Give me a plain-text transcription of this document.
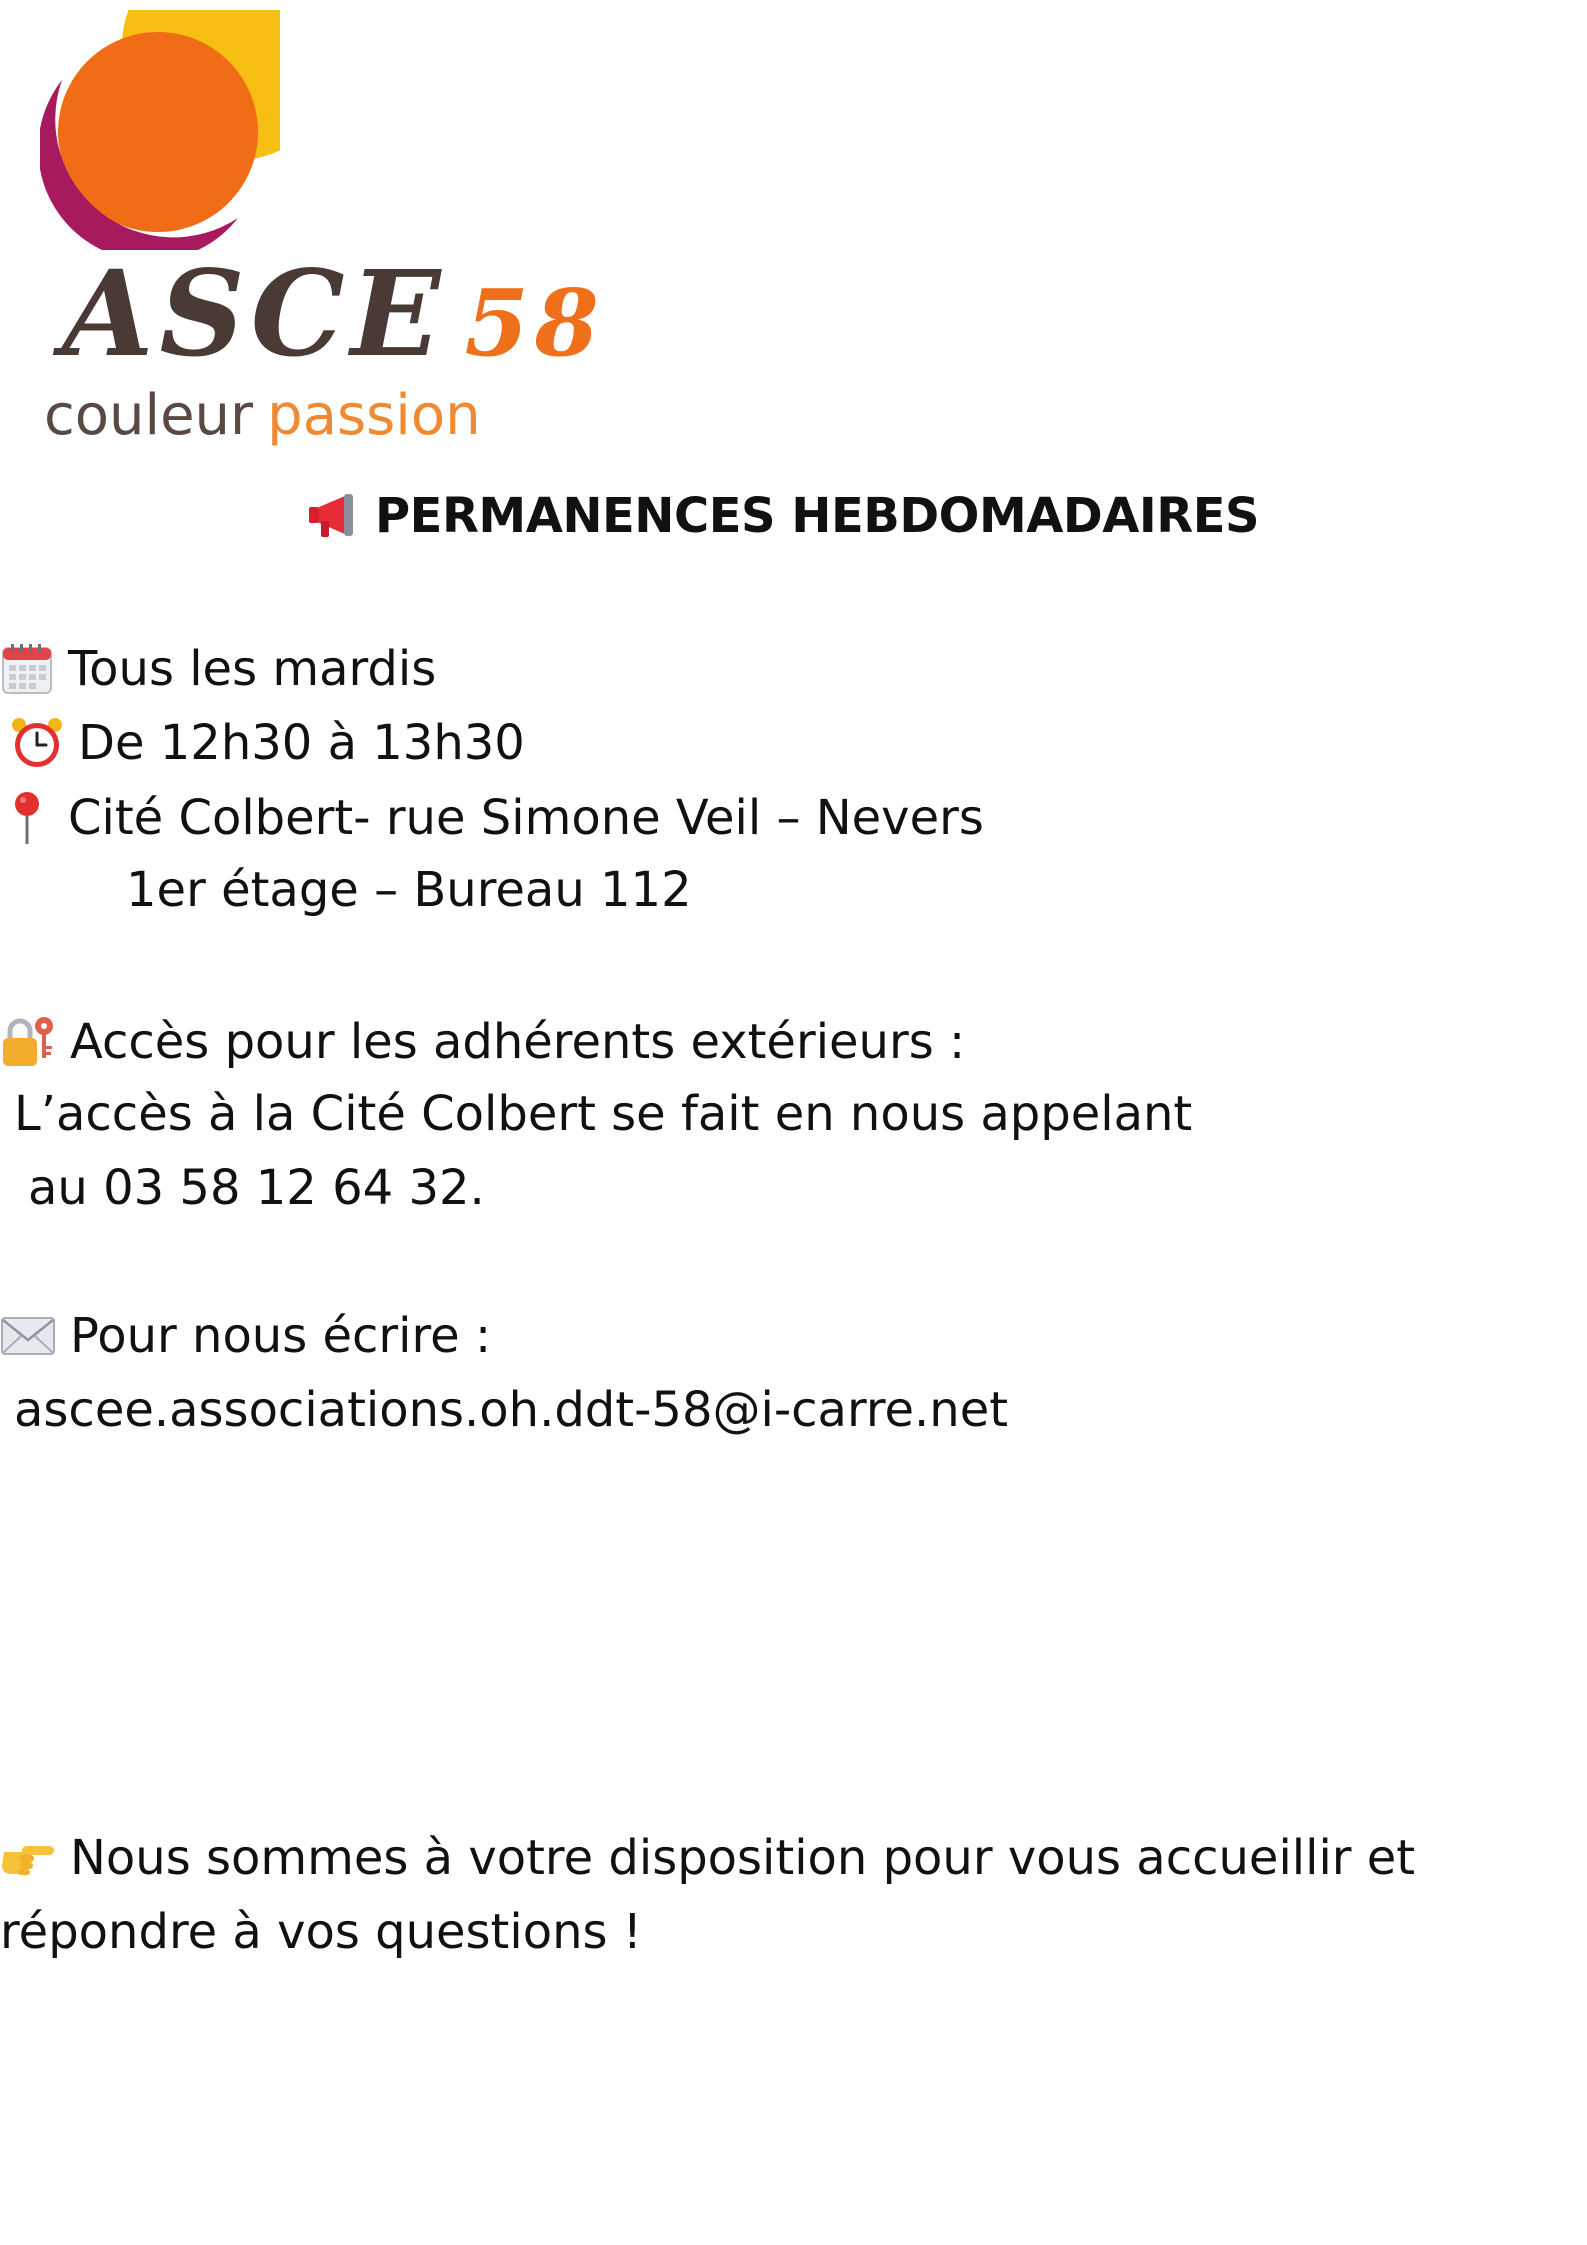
ASCE 58
couleur passion
PERMANENCES HEBDOMADAIRES
Tous les mardis
De 12h30 à 13h30
Cité Colbert- rue Simone Veil – Nevers
1er étage – Bureau 112
Accès pour les adhérents extérieurs :
L’accès à la Cité Colbert se fait en nous appelant
au 03 58 12 64 32.
Pour nous écrire :
ascee.associations.oh.ddt-58@i-carre.net
Nous sommes à votre disposition pour vous accueillir et
répondre à vos questions !
